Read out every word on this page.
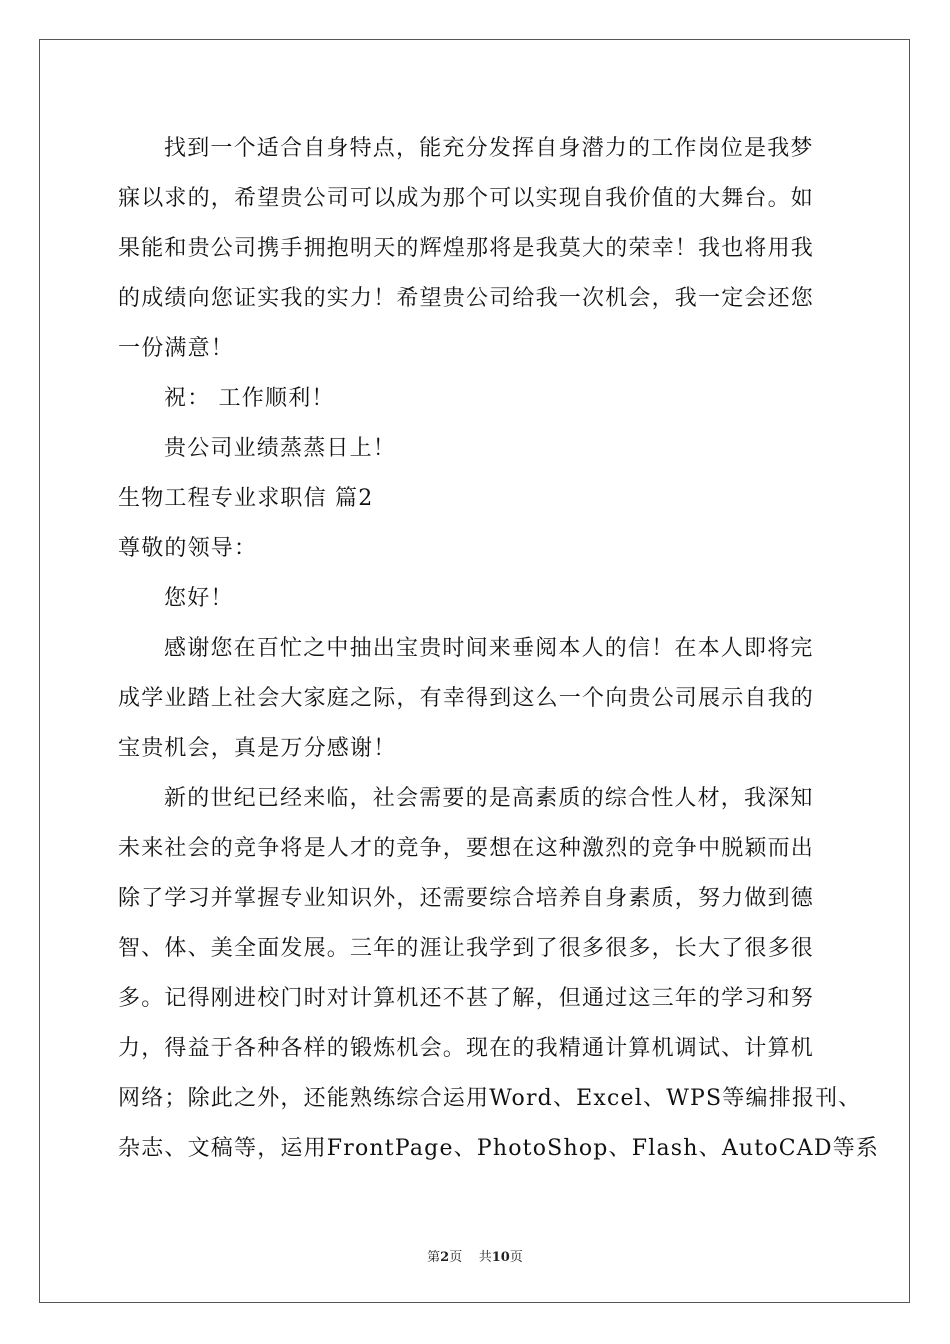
找到一个适合自身特点，能充分发挥自身潜力的工作岗位是我梦
寐以求的，希望贵公司可以成为那个可以实现自我价值的大舞台。如
果能和贵公司携手拥抱明天的辉煌那将是我莫大的荣幸！我也将用我
的成绩向您证实我的实力！希望贵公司给我一次机会，我一定会还您
一份满意！
祝： 工作顺利！
贵公司业绩蒸蒸日上！
生物工程专业求职信 篇2
尊敬的领导：
您好！
感谢您在百忙之中抽出宝贵时间来垂阅本人的信！在本人即将完
成学业踏上社会大家庭之际，有幸得到这么一个向贵公司展示自我的
宝贵机会，真是万分感谢！
新的世纪已经来临，社会需要的是高素质的综合性人材，我深知
未来社会的竞争将是人才的竞争，要想在这种激烈的竞争中脱颖而出
除了学习并掌握专业知识外，还需要综合培养自身素质，努力做到德
智、体、美全面发展。三年的涯让我学到了很多很多，长大了很多很
多。记得刚进校门时对计算机还不甚了解，但通过这三年的学习和努
力，得益于各种各样的锻炼机会。现在的我精通计算机调试、计算机
网络；除此之外，还能熟练综合运用Word、Excel、WPS等编排报刊、
杂志、文稿等，运用FrontPage、PhotoShop、Flash、AutoCAD等系
第2页    共10页
